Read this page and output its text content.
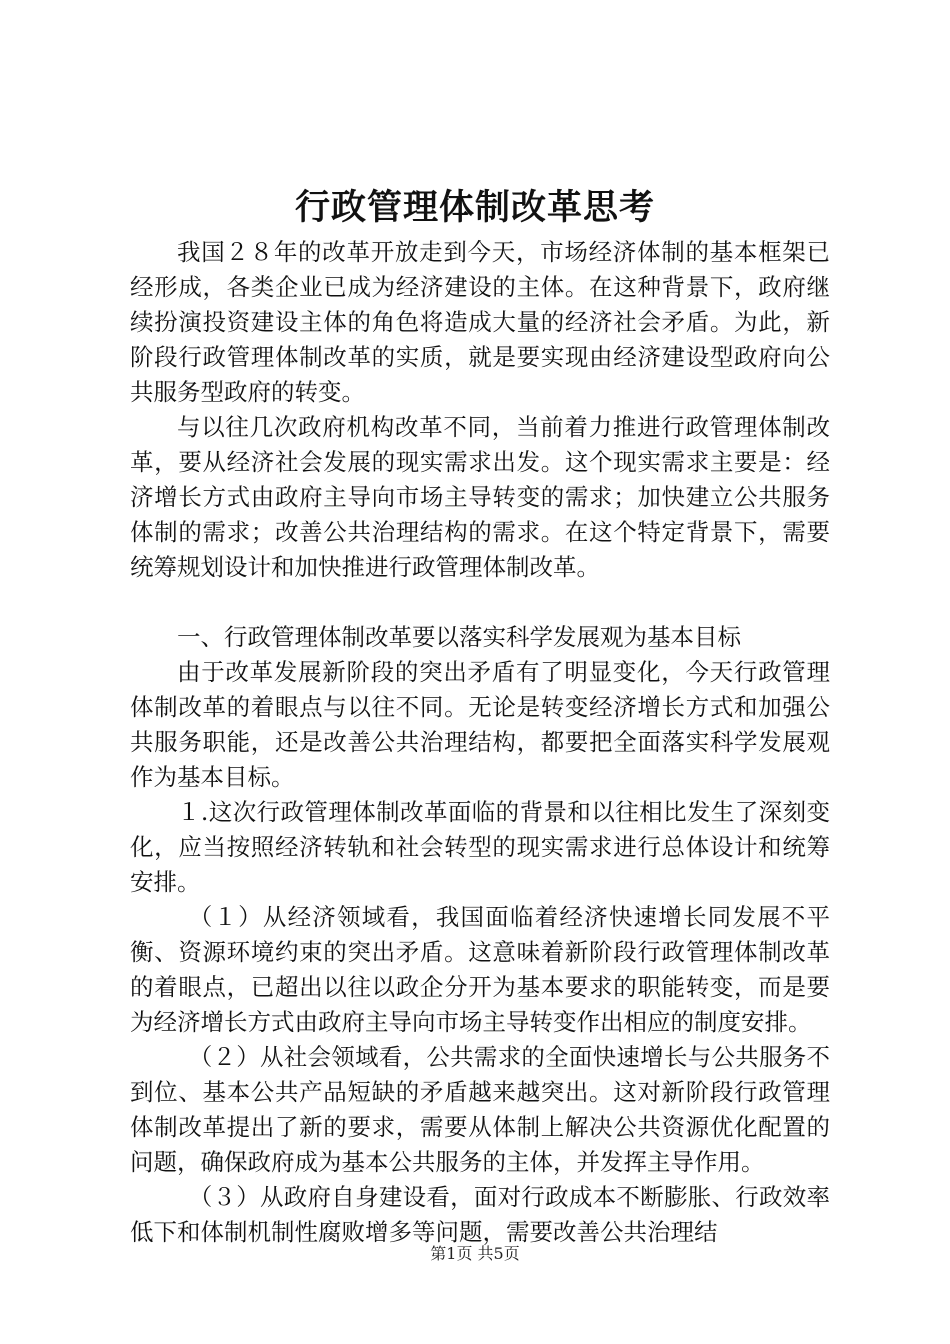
行政管理体制改革思考

我国２８年的改革开放走到今天，市场经济体制的基本框架已经形成，各类企业已成为经济建设的主体。在这种背景下，政府继续扮演投资建设主体的角色将造成大量的经济社会矛盾。为此，新阶段行政管理体制改革的实质，就是要实现由经济建设型政府向公共服务型政府的转变。

与以往几次政府机构改革不同，当前着力推进行政管理体制改革，要从经济社会发展的现实需求出发。这个现实需求主要是：经济增长方式由政府主导向市场主导转变的需求；加快建立公共服务体制的需求；改善公共治理结构的需求。在这个特定背景下，需要统筹规划设计和加快推进行政管理体制改革。

一、行政管理体制改革要以落实科学发展观为基本目标

由于改革发展新阶段的突出矛盾有了明显变化，今天行政管理体制改革的着眼点与以往不同。无论是转变经济增长方式和加强公共服务职能，还是改善公共治理结构，都要把全面落实科学发展观作为基本目标。

１.这次行政管理体制改革面临的背景和以往相比发生了深刻变化，应当按照经济转轨和社会转型的现实需求进行总体设计和统筹安排。

（１）从经济领域看，我国面临着经济快速增长同发展不平衡、资源环境约束的突出矛盾。这意味着新阶段行政管理体制改革的着眼点，已超出以往以政企分开为基本要求的职能转变，而是要为经济增长方式由政府主导向市场主导转变作出相应的制度安排。

（２）从社会领域看，公共需求的全面快速增长与公共服务不到位、基本公共产品短缺的矛盾越来越突出。这对新阶段行政管理体制改革提出了新的要求，需要从体制上解决公共资源优化配置的问题，确保政府成为基本公共服务的主体，并发挥主导作用。

（３）从政府自身建设看，面对行政成本不断膨胀、行政效率低下和体制机制性腐败增多等问题，需要改善公共治理结

第1页 共5页
